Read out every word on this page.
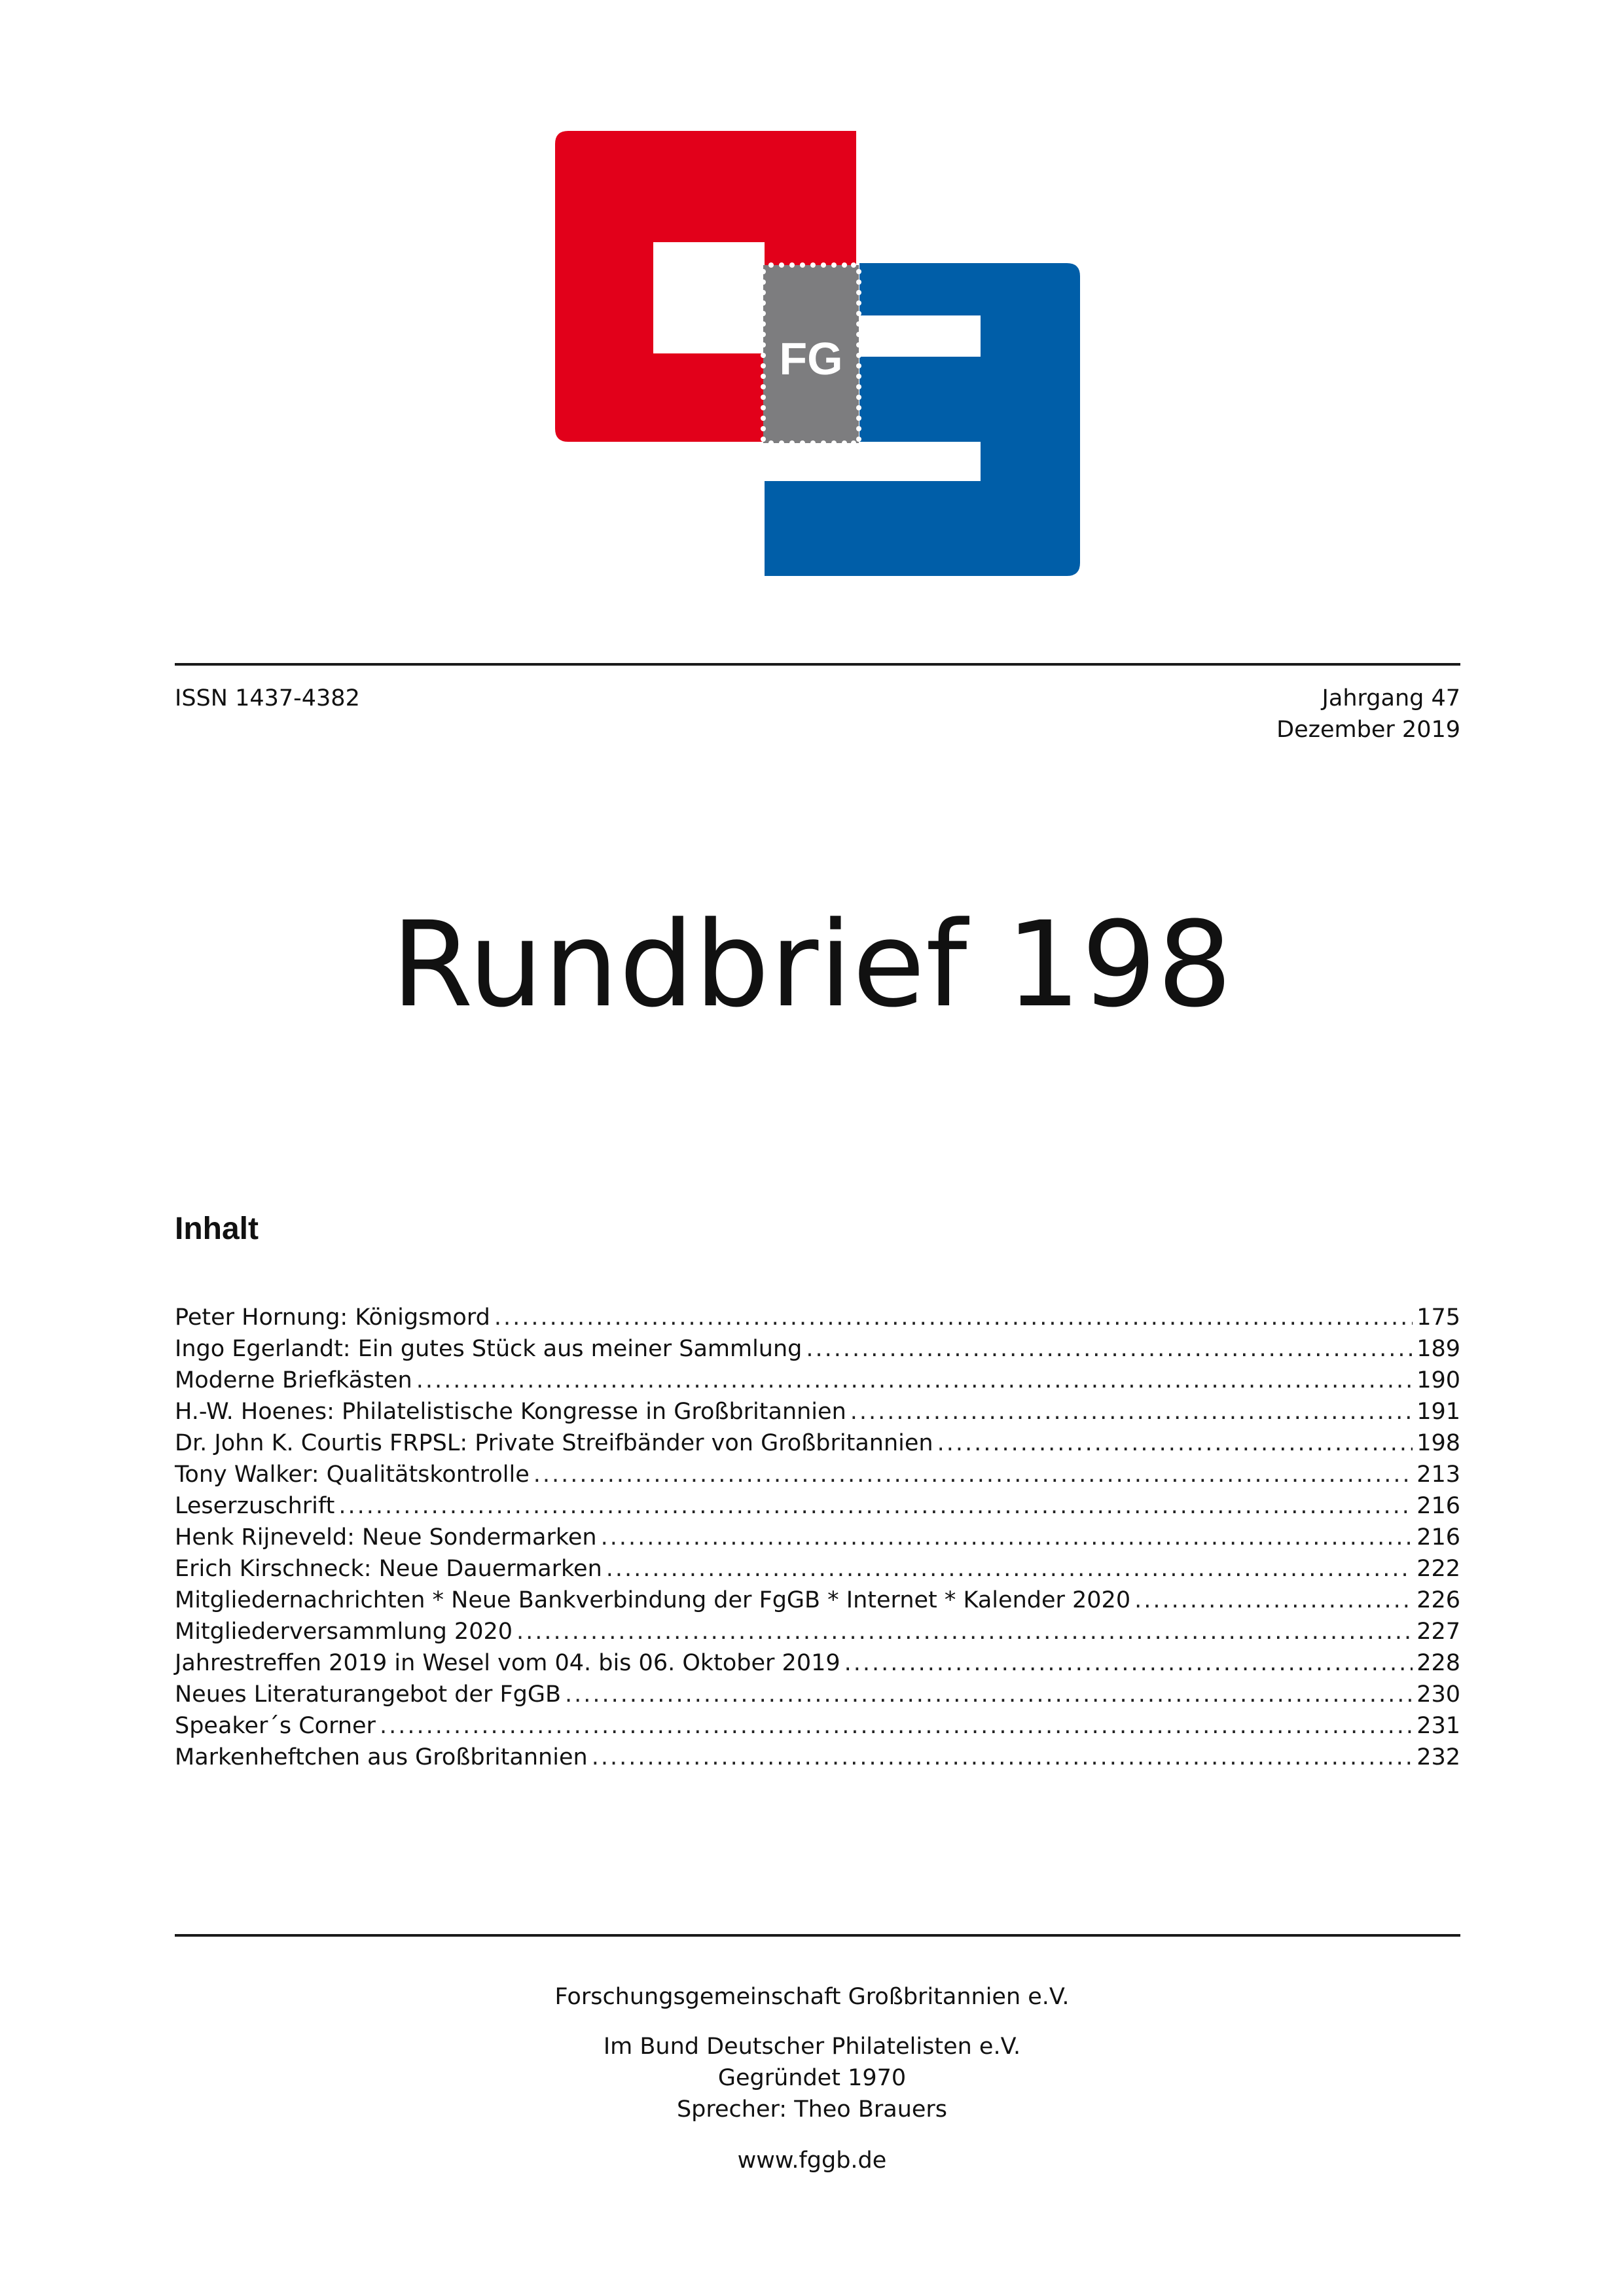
FG
ISSN 1437-4382	Jahrgang 47
Dezember 2019
Rundbrief 198
Inhalt
Peter Hornung: Königsmord .....	175
Ingo Egerlandt: Ein gutes Stück aus meiner Sammlung .....	189
Moderne Briefkästen .....	190
H.-W. Hoenes: Philatelistische Kongresse in Großbritannien .....	191
Dr. John K. Courtis FRPSL: Private Streifbänder von Großbritannien .....	198
Tony Walker: Qualitätskontrolle .....	213
Leserzuschrift .....	216
Henk Rijneveld: Neue Sondermarken .....	216
Erich Kirschneck: Neue Dauermarken .....	222
Mitgliedernachrichten * Neue Bankverbindung der FgGB * Internet * Kalender 2020 .....	226
Mitgliederversammlung 2020 .....	227
Jahrestreffen 2019 in Wesel vom 04. bis 06. Oktober 2019 .....	228
Neues Literaturangebot der FgGB .....	230
Speaker´s Corner .....	231
Markenheftchen aus Großbritannien .....	232
Forschungsgemeinschaft Großbritannien e.V.
Im Bund Deutscher Philatelisten e.V.
Gegründet 1970
Sprecher: Theo Brauers
www.fggb.de
